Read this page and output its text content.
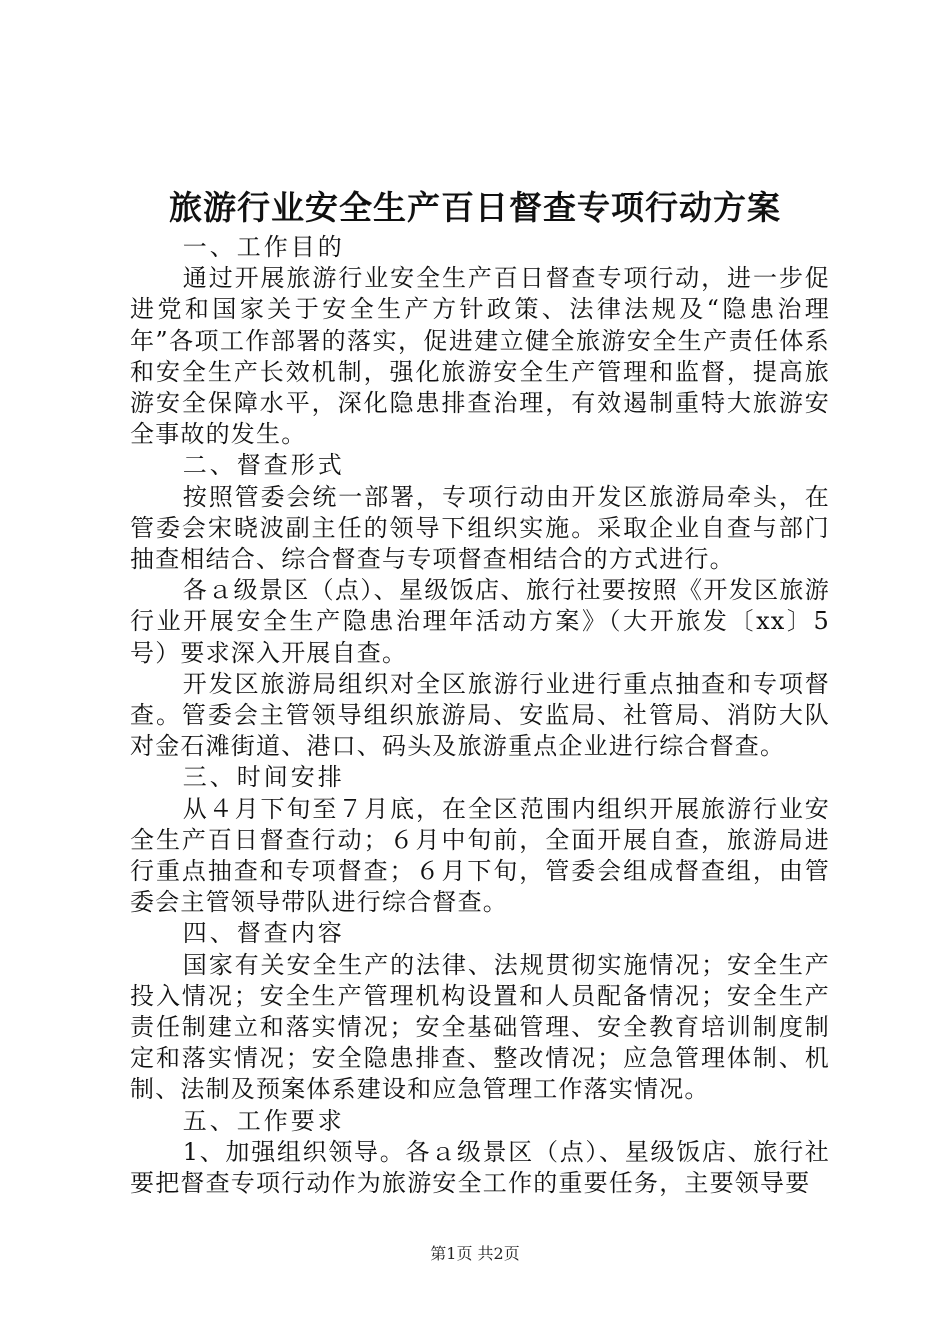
旅游行业安全生产百日督查专项行动方案

一、工作目的

通过开展旅游行业安全生产百日督查专项行动，进一步促进党和国家关于安全生产方针政策、法律法规及“隐患治理年”各项工作部署的落实，促进建立健全旅游安全生产责任体系和安全生产长效机制，强化旅游安全生产管理和监督，提高旅游安全保障水平，深化隐患排查治理，有效遏制重特大旅游安全事故的发生。

二、督查形式

按照管委会统一部署，专项行动由开发区旅游局牵头，在管委会宋晓波副主任的领导下组织实施。采取企业自查与部门抽查相结合、综合督查与专项督查相结合的方式进行。

各ａ级景区（点）、星级饭店、旅行社要按照《开发区旅游行业开展安全生产隐患治理年活动方案》（大开旅发〔xx〕5号）要求深入开展自查。

开发区旅游局组织对全区旅游行业进行重点抽查和专项督查。管委会主管领导组织旅游局、安监局、社管局、消防大队对金石滩街道、港口、码头及旅游重点企业进行综合督查。

三、时间安排

从４月下旬至７月底，在全区范围内组织开展旅游行业安全生产百日督查行动；６月中旬前，全面开展自查，旅游局进行重点抽查和专项督查；６月下旬，管委会组成督查组，由管委会主管领导带队进行综合督查。

四、督查内容

国家有关安全生产的法律、法规贯彻实施情况；安全生产投入情况；安全生产管理机构设置和人员配备情况；安全生产责任制建立和落实情况；安全基础管理、安全教育培训制度制定和落实情况；安全隐患排查、整改情况；应急管理体制、机制、法制及预案体系建设和应急管理工作落实情况。

五、工作要求

1、加强组织领导。各ａ级景区（点）、星级饭店、旅行社要把督查专项行动作为旅游安全工作的重要任务，主要领导要

第1页 共2页
